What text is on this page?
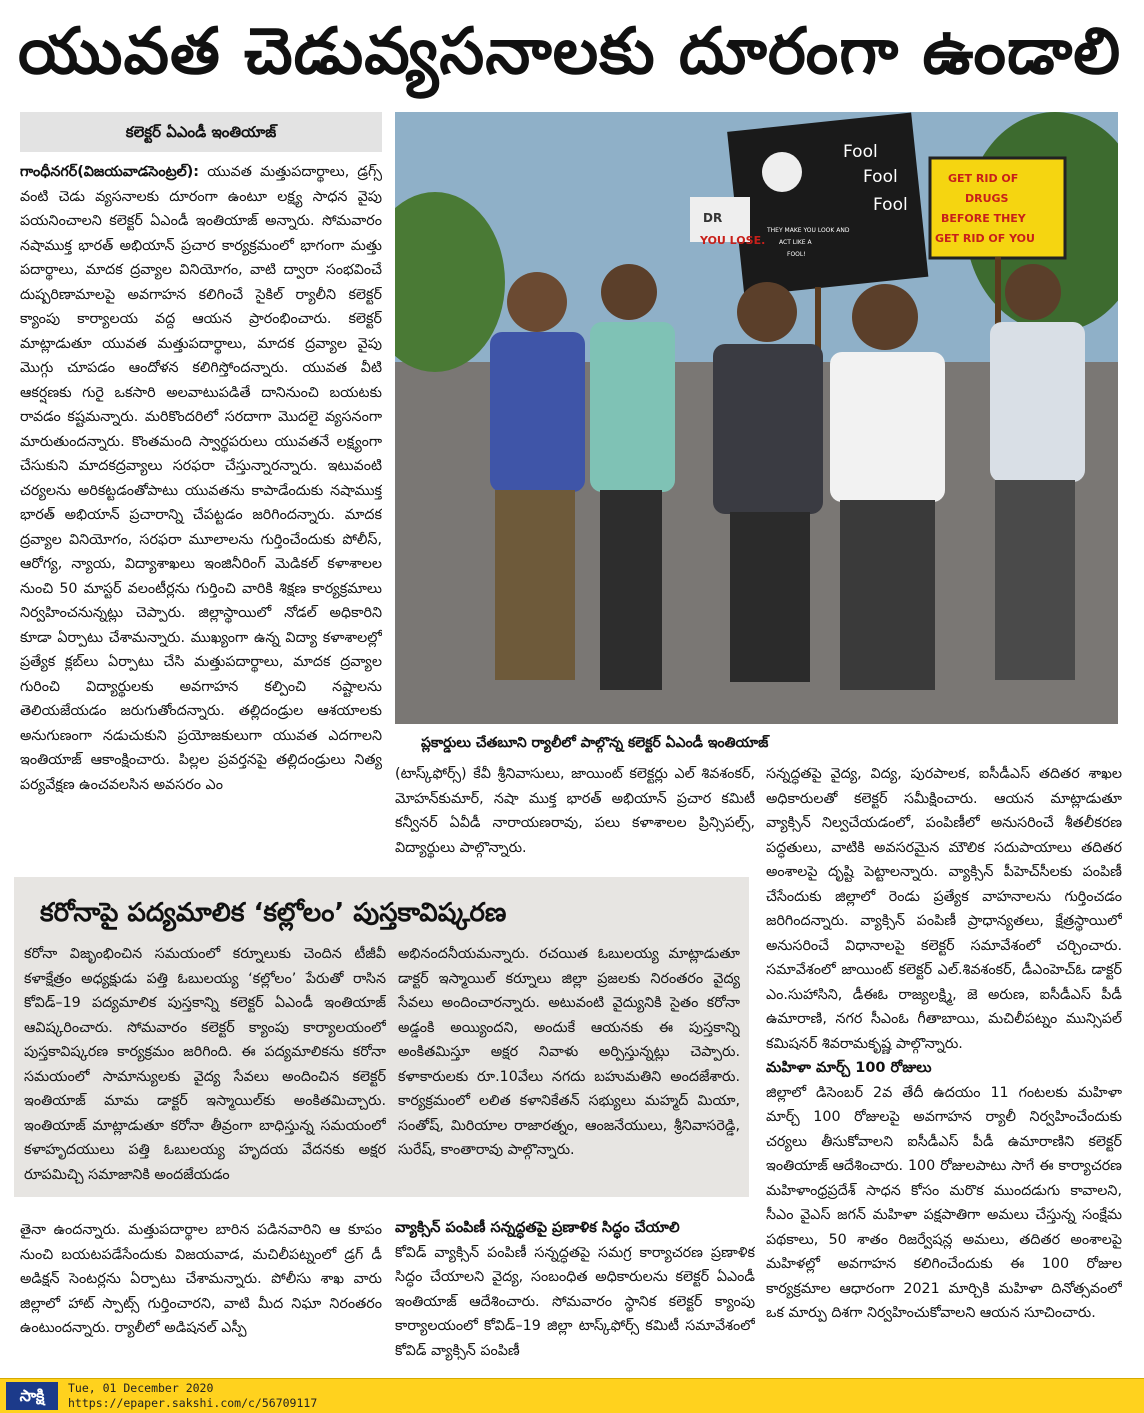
యువత చెడువ్యసనాలకు దూరంగా ఉండాలి
కలెక్టర్ ఏఎండీ ఇంతియాజ్

గాంధీనగర్(విజయవాడసెంట్రల్): యువత మత్తుపదార్థాలు, డ్రగ్స్ వంటి చెడు వ్యసనాలకు దూరంగా ఉంటూ లక్ష్య సాధన వైపు పయనించాలని కలెక్టర్ ఏఎండీ ఇంతియాజ్ అన్నారు. సోమవారం నషాముక్త భారత్ అభియాన్ ప్రచార కార్యక్రమంలో భాగంగా మత్తు పదార్థాలు, మాదక ద్రవ్యాల వినియోగం, వాటి ద్వారా సంభవించే దుష్పరిణామాలపై అవగాహన కలిగించే సైకిల్ ర్యాలీని కలెక్టర్ క్యాంపు కార్యాలయ వద్ద ఆయన ప్రారంభించారు. కలెక్టర్ మాట్లాడుతూ యువత మత్తుపదార్థాలు, మాదక ద్రవ్యాల వైపు మొగ్గు చూపడం ఆందోళన కలిగిస్తోందన్నారు. యువత వీటి ఆకర్షణకు గురై ఒకసారి అలవాటుపడితే దానినుంచి బయటకు రావడం కష్టమన్నారు. మరికొందరిలో సరదాగా మొదలై వ్యసనంగా మారుతుందన్నారు. కొంతమంది స్వార్థపరులు యువతనే లక్ష్యంగా చేసుకుని మాదకద్రవ్యాలు సరఫరా చేస్తున్నారన్నారు. ఇటువంటి చర్యలను అరికట్టడంతోపాటు యువతను కాపాడేందుకు నషాముక్త భారత్ అభియాన్ ప్రచారాన్ని చేపట్టడం జరిగిందన్నారు. మాదక ద్రవ్యాల వినియోగం, సరఫరా మూలాలను గుర్తించేందుకు పోలీస్, ఆరోగ్య, న్యాయ, విద్యాశాఖలు ఇంజినీరింగ్ మెడికల్ కళాశాలల నుంచి 50 మాస్టర్ వలంటీర్లను గుర్తించి వారికి శిక్షణ కార్యక్రమాలు నిర్వహించనున్నట్లు చెప్పారు. జిల్లాస్థాయిలో నోడల్ అధికారిని కూడా ఏర్పాటు చేశామన్నారు. ముఖ్యంగా ఉన్న విద్యా కళాశాలల్లో ప్రత్యేక క్లబ్‌లు ఏర్పాటు చేసి మత్తుపదార్థాలు, మాదక ద్రవ్యాల గురించి విద్యార్థులకు అవగాహన కల్పించి నష్టాలను తెలియజేయడం జరుగుతోందన్నారు. తల్లిదండ్రుల ఆశయాలకు అనుగుణంగా నడుచుకుని ప్రయోజకులుగా యువత ఎదగాలని ఇంతియాజ్ ఆకాంక్షించారు. పిల్లల ప్రవర్తనపై తల్లిదండ్రులు నిత్య పర్యవేక్షణ ఉంచవలసిన అవసరం ఎం

Fool
Fool
Fool
THEY MAKE YOU LOOK AND
ACT LIKE A
FOOL!
GET RID OF
DRUGS
BEFORE THEY
GET RID OF YOU
DR
YOU LOSE.
ప్లకార్డులు చేతబూని ర్యాలీలో పాల్గొన్న కలెక్టర్ ఏఎండీ ఇంతియాజ్

(టాస్క్‌ఫోర్స్) కేవీ శ్రీనివాసులు, జాయింట్ కలెక్టర్లు ఎల్ శివశంకర్, మోహన్‌కుమార్, నషా ముక్త భారత్ అభియాన్ ప్రచార కమిటీ కన్వీనర్ ఏవీడీ నారాయణరావు, పలు కళాశాలల ప్రిన్సిపల్స్, విద్యార్థులు పాల్గొన్నారు.

సన్నద్ధతపై వైద్య, విద్య, పురపాలక, ఐసీడీఎస్ తదితర శాఖల అధికారులతో కలెక్టర్ సమీక్షించారు. ఆయన మాట్లాడుతూ వ్యాక్సిన్ నిల్వచేయడంలో, పంపిణీలో అనుసరించే శీతలీకరణ పద్ధతులు, వాటికి అవసరమైన మౌలిక సదుపాయాలు తదితర అంశాలపై దృష్టి పెట్టాలన్నారు. వ్యాక్సిన్ పీహెచ్‌సీలకు పంపిణీ చేసేందుకు జిల్లాలో రెండు ప్రత్యేక వాహనాలను గుర్తించడం జరిగిందన్నారు. వ్యాక్సిన్ పంపిణీ ప్రాధాన్యతలు, క్షేత్రస్థాయిలో అనుసరించే విధానాలపై కలెక్టర్ సమావేశంలో చర్చించారు. సమావేశంలో జాయింట్ కలెక్టర్ ఎల్.శివశంకర్, డీఎంహెచ్‌ఓ డాక్టర్ ఎం.సుహాసిని, డీఈఓ రాజ్యలక్ష్మి, జె అరుణ, ఐసీడీఎస్ పీడీ ఉమారాణి, నగర సీఎంఓ గీతాబాయి, మచిలీపట్నం మున్సిపల్ కమిషనర్ శివరామకృష్ణ పాల్గొన్నారు.

మహిళా మార్చ్ 100 రోజులు

జిల్లాలో డిసెంబర్ 2వ తేదీ ఉదయం 11 గంటలకు మహిళా మార్చ్ 100 రోజులపై అవగాహన ర్యాలీ నిర్వహించేందుకు చర్యలు తీసుకోవాలని ఐసీడీఎస్ పీడీ ఉమారాణిని కలెక్టర్ ఇంతియాజ్ ఆదేశించారు. 100 రోజులపాటు సాగే ఈ కార్యాచరణ మహిళాంధ్రప్రదేశ్ సాధన కోసం మరొక ముందడుగు కావాలని, సీఎం వైఎస్ జగన్ మహిళా పక్షపాతిగా అమలు చేస్తున్న సంక్షేమ పథకాలు, 50 శాతం రిజర్వేషన్ల అమలు, తదితర అంశాలపై మహిళల్లో అవగాహన కలిగించేందుకు ఈ 100 రోజుల కార్యక్రమాల ఆధారంగా 2021 మార్చికి మహిళా దినోత్సవంలో ఒక మార్పు దిశగా నిర్వహించుకోవాలని ఆయన సూచించారు.

కరోనాపై పద్యమాలిక ‘కల్లోలం’ పుస్తకావిష్కరణ

కరోనా విజృంభించిన సమయంలో కర్నూలుకు చెందిన టీజీవీ కళాక్షేత్రం అధ్యక్షుడు పత్తి ఓబులయ్య ‘కల్లోలం’ పేరుతో రాసిన కోవిడ్–19 పద్యమాలిక పుస్తకాన్ని కలెక్టర్ ఏఎండీ ఇంతియాజ్ ఆవిష్కరించారు. సోమవారం కలెక్టర్ క్యాంపు కార్యాలయంలో పుస్తకావిష్కరణ కార్యక్రమం జరిగింది. ఈ పద్యమాలికను కరోనా సమయంలో సామాన్యులకు వైద్య సేవలు అందించిన కలెక్టర్ ఇంతియాజ్ మామ డాక్టర్ ఇస్మాయిల్‌కు అంకితమిచ్చారు. ఇంతియాజ్ మాట్లాడుతూ కరోనా తీవ్రంగా బాధిస్తున్న సమయంలో కళాహృదయులు పత్తి ఓబులయ్య హృదయ వేదనకు అక్షర రూపమిచ్చి సమాజానికి అందజేయడం

అభినందనీయమన్నారు. రచయిత ఓబులయ్య మాట్లాడుతూ డాక్టర్ ఇస్మాయిల్ కర్నూలు జిల్లా ప్రజలకు నిరంతరం వైద్య సేవలు అందించారన్నారు. అటువంటి వైద్యునికి సైతం కరోనా అడ్డంకి అయ్యిందని, అందుకే ఆయనకు ఈ పుస్తకాన్ని అంకితమిస్తూ అక్షర నివాళు అర్పిస్తున్నట్లు చెప్పారు. కళాకారులకు రూ.10వేలు నగదు బహుమతిని అందజేశారు. కార్యక్రమంలో లలిత కళానికేతన్ సభ్యులు మహ్మద్ మియా, సంతోష్, మిరియాల రాజారత్నం, ఆంజనేయులు, శ్రీనివాసరెడ్డి, సురేష్, కాంతారావు పాల్గొన్నారు.

తైనా ఉందన్నారు. మత్తుపదార్థాల బారిన పడినవారిని ఆ కూపం నుంచి బయటపడేసేందుకు విజయవాడ, మచిలీపట్నంలో డ్రగ్ డీ అడిక్షన్ సెంటర్లను ఏర్పాటు చేశామన్నారు. పోలీసు శాఖ వారు జిల్లాలో హాట్ స్పాట్స్ గుర్తించారని, వాటి మీద నిఘా నిరంతరం ఉంటుందన్నారు. ర్యాలీలో అడిషనల్ ఎస్పీ

వ్యాక్సిన్ పంపిణీ సన్నద్ధతపై ప్రణాళిక సిద్ధం చేయాలి

కోవిడ్ వ్యాక్సిన్ పంపిణీ సన్నద్ధతపై సమగ్ర కార్యాచరణ ప్రణాళిక సిద్ధం చేయాలని వైద్య, సంబంధిత అధికారులను కలెక్టర్ ఏఎండీ ఇంతియాజ్ ఆదేశించారు. సోమవారం స్థానిక కలెక్టర్ క్యాంపు కార్యాలయంలో కోవిడ్–19 జిల్లా టాస్క్‌ఫోర్స్ కమిటీ సమావేశంలో కోవిడ్ వ్యాక్సిన్ పంపిణీ

సాక్షి	Tue, 01 December 2020
https://epaper.sakshi.com/c/56709117
